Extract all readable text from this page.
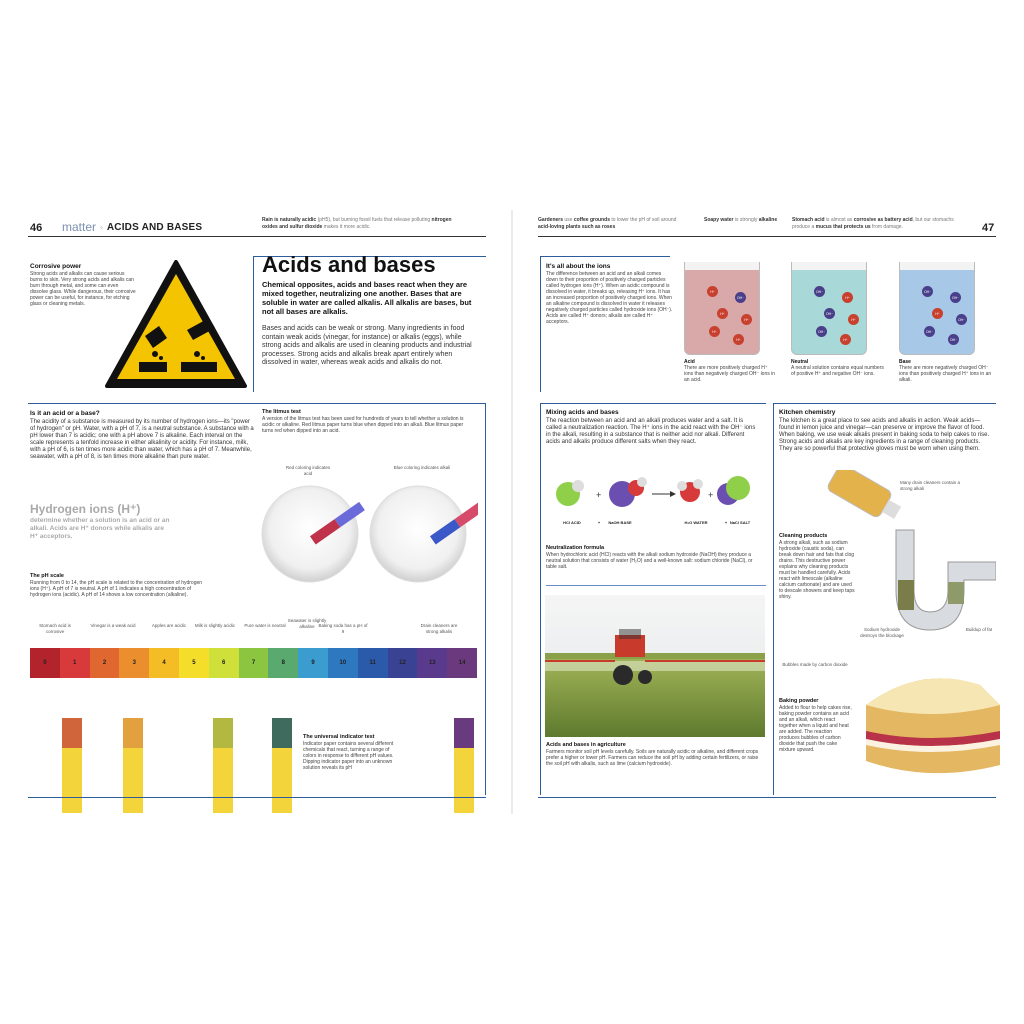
46 matter ◦ ACIDS AND BASES
Rain is naturally acidic (pH5), but burning fossil fuels that release polluting nitrogen oxides and sulfur dioxide makes it more acidic.
Gardeners use coffee grounds to lower the pH of soil around acid-loving plants such as roses
Soapy water is strongly alkaline	Stomach acid is almost as corrosive as battery acid, but our stomachs produce a mucus that protects us from damage.	47
Corrosive power
Strong acids and alkalis can cause serious burns to skin. Very strong acids and alkalis can burn through metal, and some can even dissolve glass. While dangerous, their corrosive power can be useful, for instance, for etching glass or cleaning metals.
Acids and bases
Chemical opposites, acids and bases react when they are mixed together, neutralizing one another. Bases that are soluble in water are called alkalis. All alkalis are bases, but not all bases are alkalis.
Bases and acids can be weak or strong. Many ingredients in food contain weak acids (vinegar, for instance) or alkalis (eggs), while strong acids and alkalis are used in cleaning products and industrial processes. Strong acids and alkalis break apart entirely when dissolved in water, whereas weak acids and alkalis do not.
Is it an acid or a base?
The acidity of a substance is measured by its number of hydrogen ions—its "power of hydrogen" or pH. Water, with a pH of 7, is a neutral substance. A substance with a pH lower than 7 is acidic; one with a pH above 7 is alkaline. Each interval on the scale represents a tenfold increase in either alkalinity or acidity. For instance, milk, with a pH of 6, is ten times more acidic than water, which has a pH of 7. Meanwhile, seawater, with a pH of 8, is ten times more alkaline than pure water.
The litmus test
A version of the litmus test has been used for hundreds of years to tell whether a solution is acidic or alkaline. Red litmus paper turns blue when dipped into an alkali. Blue litmus paper turns red when dipped into an acid.
Red coloring indicates acid
Blue coloring indicates alkali
Hydrogen ions (H⁺)
determine whether a solution is an acid or an alkali. Acids are H⁺ donors while alkalis are H⁺ acceptors.
The pH scale
Running from 0 to 14, the pH scale is related to the concentration of hydrogen ions (H⁺). A pH of 7 is neutral. A pH of 1 indicates a high concentration of hydrogen ions (acidic). A pH of 14 shows a low concentration (alkaline).
Stomach acid is corrosive
Vinegar is a weak acid	Apples are acidic	Milk is slightly acidic	Pure water is neutral
Seawater is slightly alkaline Baking soda has a pH of 9
Drain cleaners are strong alkalis
0	1	2	3	4	5	6	7	8	9	10	11	12	13	14
The universal indicator test
Indicator paper contains several different chemicals that react, turning a range of colors in response to different pH values. Dipping indicator paper into an unknown solution reveals its pH
It's all about the ions
The difference between an acid and an alkali comes down to their proportion of positively charged particles called hydrogen ions (H⁺). When an acidic compound is dissolved in water, it breaks up, releasing H⁺ ions. It has an increased proportion of positively charged ions. When an alkaline compound is dissolved in water it releases negatively charged particles called hydroxide ions (OH⁻). Acids are called H⁺ donors; alkalis are called H⁺ acceptors.
H⁺
OH⁻
H⁺
H⁺
H⁺
H⁺
Acid
There are more positively charged H⁺ ions than negatively charged OH⁻ ions in an acid.
OH⁻
H⁺
OH⁻
H⁺
OH⁻
H⁺
Neutral
A neutral solution contains equal numbers of positive H⁺ and negative OH⁻ ions.
OH⁻
OH⁻
H⁺
OH⁻
OH⁻
OH⁻
Base
There are more negatively charged OH⁻ ions than positively charged H⁺ ions in an alkali.
Mixing acids and bases
The reaction between an acid and an alkali produces water and a salt. It is called a neutralization reaction. The H⁺ ions in the acid react with the OH⁻ ions in the alkali, resulting in a substance that is neither acid nor alkali. Different acids and alkalis produce different salts when they react.
+	+
HCl ACID	+	NaOH BASE	H₂O WATER	+ NaCl SALT
Neutralization formula
When hydrochloric acid (HCl) reacts with the alkali sodium hydroxide (NaOH) they produce a neutral solution that consists of water (H₂O) and a well-known salt: sodium chloride (NaCl), or table salt.
Acids and bases in agriculture
Farmers monitor soil pH levels carefully. Soils are naturally acidic or alkaline, and different crops prefer a higher or lower pH. Farmers can reduce the soil pH by adding certain fertilizers, or raise the soil pH with alkalis, such as lime (calcium hydroxide).
Kitchen chemistry
The kitchen is a great place to see acids and alkalis in action. Weak acids—found in lemon juice and vinegar—can preserve or improve the flavor of food. When baking, we use weak alkalis present in baking soda to help cakes to rise. Strong acids and alkalis are key ingredients in a range of cleaning products. They are so powerful that protective gloves must be worn when using them.
Many drain cleaners contain a strong alkali
Cleaning products
A strong alkali, such as sodium hydroxide (caustic soda), can break down hair and fats that clog drains. This destructive power explains why cleaning products must be handled carefully. Acids react with limescale (alkaline calcium carbonate) and are used to descale showers and keep taps shiny.
Sodium hydroxide destroys the blockage
Buildup of fat
Bubbles made by carbon dioxide
Baking powder
Added to flour to help cakes rise, baking powder contains an acid and an alkali, which react together when a liquid and heat are added. The reaction produces bubbles of carbon dioxide that push the cake mixture upward.
